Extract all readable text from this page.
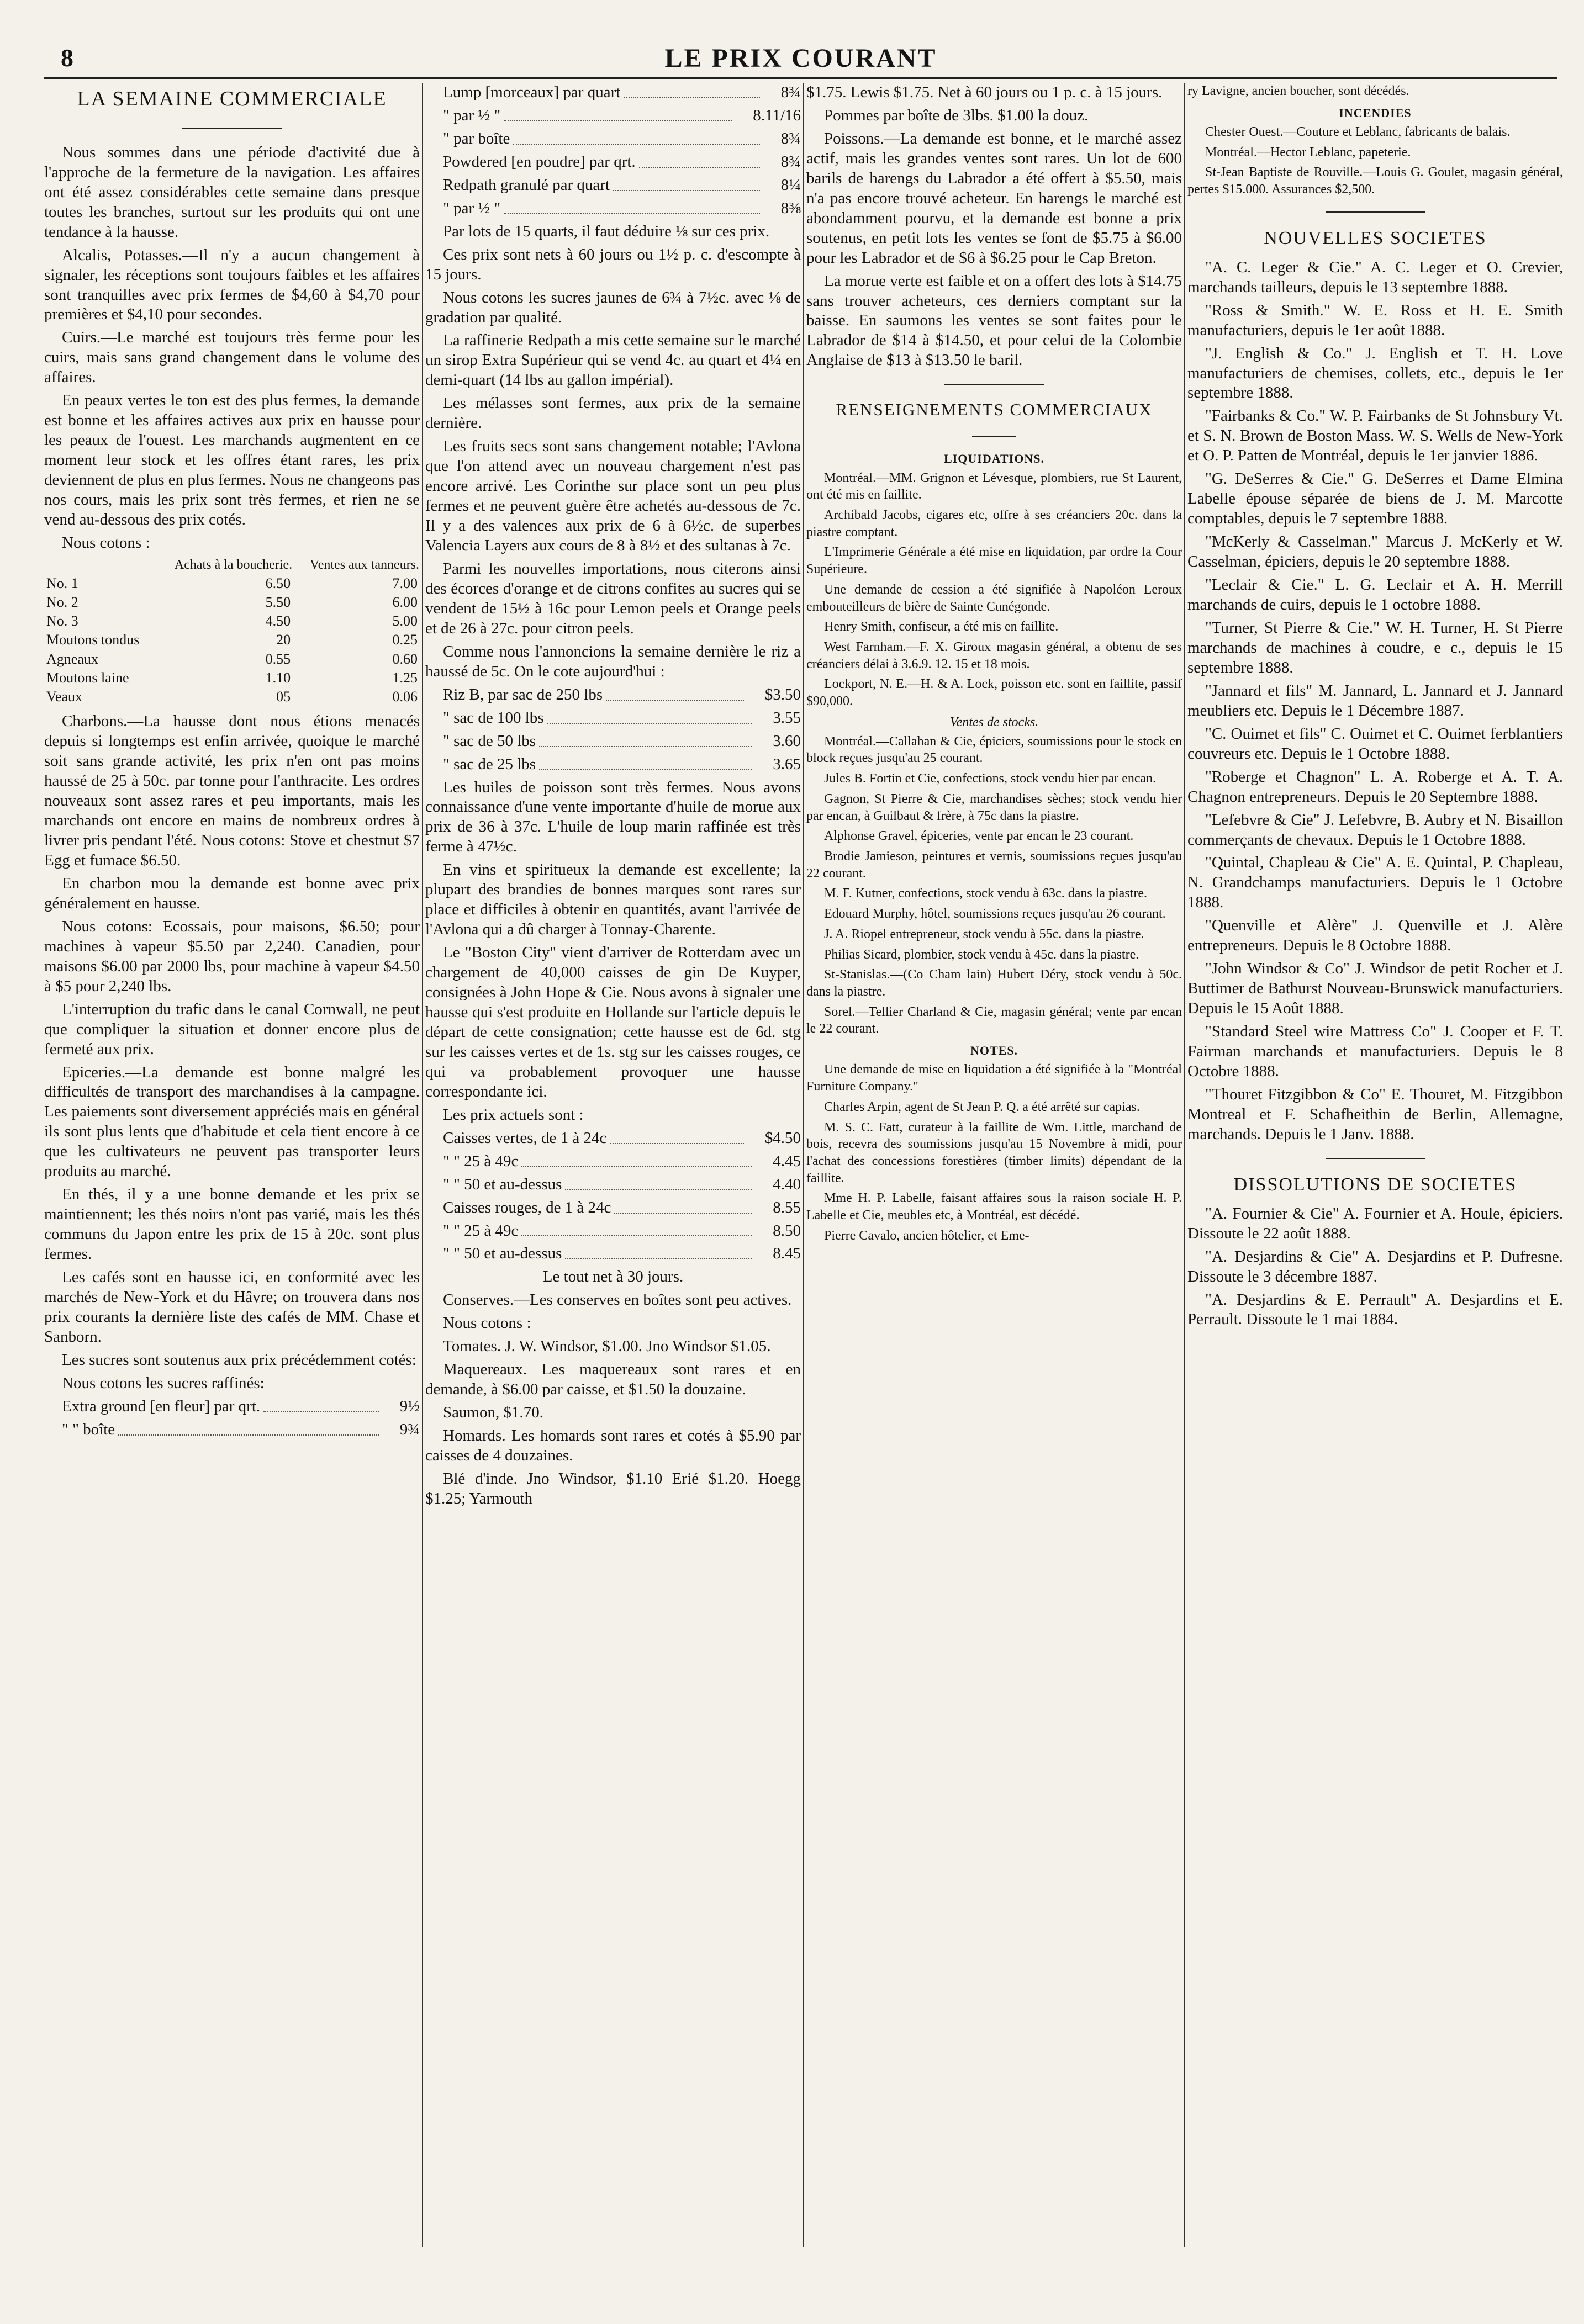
8	LE PRIX COURANT
LA SEMAINE COMMERCIALE

Nous sommes dans une période d'activité due à l'approche de la fermeture de la navigation. Les affaires ont été assez considérables cette semaine dans presque toutes les branches, surtout sur les produits qui ont une tendance à la hausse.

Alcalis, Potasses.—Il n'y a aucun changement à signaler, les réceptions sont toujours faibles et les affaires sont tranquilles avec prix fermes de $4,60 à $4,70 pour premières et $4,10 pour secondes.

Cuirs.—Le marché est toujours très ferme pour les cuirs, mais sans grand changement dans le volume des affaires.

En peaux vertes le ton est des plus fermes, la demande est bonne et les affaires actives aux prix en hausse pour les peaux de l'ouest. Les marchands augmentent en ce moment leur stock et les offres étant rares, les prix deviennent de plus en plus fermes. Nous ne changeons pas nos cours, mais les prix sont très fermes, et rien ne se vend au-dessous des prix cotés.

Nous cotons :

	Achats à la boucherie.	Ventes aux tanneurs.
No. 1	6.50	7.00
No. 2	5.50	6.00
No. 3	4.50	5.00
Moutons tondus	20	0.25
Agneaux	0.55	0.60
Moutons laine	1.10	1.25
Veaux	05	0.06

Charbons.—La hausse dont nous étions menacés depuis si longtemps est enfin arrivée, quoique le marché soit sans grande activité, les prix n'en ont pas moins haussé de 25 à 50c. par tonne pour l'anthracite. Les ordres nouveaux sont assez rares et peu importants, mais les marchands ont encore en mains de nombreux ordres à livrer pris pendant l'été. Nous cotons: Stove et chestnut $7 Egg et fumace $6.50.

En charbon mou la demande est bonne avec prix généralement en hausse.

Nous cotons: Ecossais, pour maisons, $6.50; pour machines à vapeur $5.50 par 2,240. Canadien, pour maisons $6.00 par 2000 lbs, pour machine à vapeur $4.50 à $5 pour 2,240 lbs.

L'interruption du trafic dans le canal Cornwall, ne peut que compliquer la situation et donner encore plus de fermeté aux prix.

Epiceries.—La demande est bonne malgré les difficultés de transport des marchandises à la campagne. Les paiements sont diversement appréciés mais en général ils sont plus lents que d'habitude et cela tient encore à ce que les cultivateurs ne peuvent pas transporter leurs produits au marché.

En thés, il y a une bonne demande et les prix se maintiennent; les thés noirs n'ont pas varié, mais les thés communs du Japon entre les prix de 15 à 20c. sont plus fermes.

Les cafés sont en hausse ici, en conformité avec les marchés de New-York et du Hâvre; on trouvera dans nos prix courants la dernière liste des cafés de MM. Chase et Sanborn.

Les sucres sont soutenus aux prix précédemment cotés:

Nous cotons les sucres raffinés:

Extra ground [en fleur] par qrt.	9½

" " boîte	9¾

Lump [morceaux] par quart	8¾

" par ½ "	8.11/16

" par boîte	8¾

Powdered [en poudre] par qrt.	8¾

Redpath granulé par quart	8¼

" par ½ "	8⅜

Par lots de 15 quarts, il faut déduire ⅛ sur ces prix.

Ces prix sont nets à 60 jours ou 1½ p. c. d'escompte à 15 jours.

Nous cotons les sucres jaunes de 6¾ à 7½c. avec ⅛ de gradation par qualité.

La raffinerie Redpath a mis cette semaine sur le marché un sirop Extra Supérieur qui se vend 4c. au quart et 4¼ en demi-quart (14 lbs au gallon impérial).

Les mélasses sont fermes, aux prix de la semaine dernière.

Les fruits secs sont sans changement notable; l'Avlona que l'on attend avec un nouveau chargement n'est pas encore arrivé. Les Corinthe sur place sont un peu plus fermes et ne peuvent guère être achetés au-dessous de 7c. Il y a des valences aux prix de 6 à 6½c. de superbes Valencia Layers aux cours de 8 à 8½ et des sultanas à 7c.

Parmi les nouvelles importations, nous citerons ainsi des écorces d'orange et de citrons confites au sucres qui se vendent de 15½ à 16c pour Lemon peels et Orange peels et de 26 à 27c. pour citron peels.

Comme nous l'annoncions la semaine dernière le riz a haussé de 5c. On le cote aujourd'hui :

Riz B, par sac de 250 lbs	$3.50

" sac de 100 lbs	3.55

" sac de 50 lbs	3.60

" sac de 25 lbs	3.65

Les huiles de poisson sont très fermes. Nous avons connaissance d'une vente importante d'huile de morue aux prix de 36 à 37c. L'huile de loup marin raffinée est très ferme à 47½c.

En vins et spiritueux la demande est excellente; la plupart des brandies de bonnes marques sont rares sur place et difficiles à obtenir en quantités, avant l'arrivée de l'Avlona qui a dû charger à Tonnay-Charente.

Le "Boston City" vient d'arriver de Rotterdam avec un chargement de 40,000 caisses de gin De Kuyper, consignées à John Hope & Cie. Nous avons à signaler une hausse qui s'est produite en Hollande sur l'article depuis le départ de cette consignation; cette hausse est de 6d. stg sur les caisses vertes et de 1s. stg sur les caisses rouges, ce qui va probablement provoquer une hausse correspondante ici.

Les prix actuels sont :

Caisses vertes, de 1 à 24c	$4.50

" " 25 à 49c	4.45

" " 50 et au-dessus	4.40

Caisses rouges, de 1 à 24c	8.55

" " 25 à 49c	8.50

" " 50 et au-dessus	8.45

Le tout net à 30 jours.

Conserves.—Les conserves en boîtes sont peu actives.

Nous cotons :

Tomates. J. W. Windsor, $1.00. Jno Windsor $1.05.

Maquereaux. Les maquereaux sont rares et en demande, à $6.00 par caisse, et $1.50 la douzaine.

Saumon, $1.70.

Homards. Les homards sont rares et cotés à $5.90 par caisses de 4 douzaines.

Blé d'inde. Jno Windsor, $1.10 Erié $1.20. Hoegg $1.25; Yarmouth

$1.75. Lewis $1.75. Net à 60 jours ou 1 p. c. à 15 jours.

Pommes par boîte de 3lbs. $1.00 la douz.

Poissons.—La demande est bonne, et le marché assez actif, mais les grandes ventes sont rares. Un lot de 600 barils de harengs du Labrador a été offert à $5.50, mais n'a pas encore trouvé acheteur. En harengs le marché est abondamment pourvu, et la demande est bonne a prix soutenus, en petit lots les ventes se font de $5.75 à $6.00 pour les Labrador et de $6 à $6.25 pour le Cap Breton.

La morue verte est faible et on a offert des lots à $14.75 sans trouver acheteurs, ces derniers comptant sur la baisse. En saumons les ventes se sont faites pour le Labrador de $14 à $14.50, et pour celui de la Colombie Anglaise de $13 à $13.50 le baril.

RENSEIGNEMENTS COMMERCIAUX
LIQUIDATIONS.

Montréal.—MM. Grignon et Lévesque, plombiers, rue St Laurent, ont été mis en faillite.

Archibald Jacobs, cigares etc, offre à ses créanciers 20c. dans la piastre comptant.

L'Imprimerie Générale a été mise en liquidation, par ordre la Cour Supérieure.

Une demande de cession a été signifiée à Napoléon Leroux embouteilleurs de bière de Sainte Cunégonde.

Henry Smith, confiseur, a été mis en faillite.

West Farnham.—F. X. Giroux magasin général, a obtenu de ses créanciers délai à 3.6.9. 12. 15 et 18 mois.

Lockport, N. E.—H. & A. Lock, poisson etc. sont en faillite, passif $90,000.

Ventes de stocks.

Montréal.—Callahan & Cie, épiciers, soumissions pour le stock en block reçues jusqu'au 25 courant.

Jules B. Fortin et Cie, confections, stock vendu hier par encan.

Gagnon, St Pierre & Cie, marchandises sèches; stock vendu hier par encan, à Guilbaut & frère, à 75c dans la piastre.

Alphonse Gravel, épiceries, vente par encan le 23 courant.

Brodie Jamieson, peintures et vernis, soumissions reçues jusqu'au 22 courant.

M. F. Kutner, confections, stock vendu à 63c. dans la piastre.

Edouard Murphy, hôtel, soumissions reçues jusqu'au 26 courant.

J. A. Riopel entrepreneur, stock vendu à 55c. dans la piastre.

Philias Sicard, plombier, stock vendu à 45c. dans la piastre.

St-Stanislas.—(Co Cham lain) Hubert Déry, stock vendu à 50c. dans la piastre.

Sorel.—Tellier Charland & Cie, magasin général; vente par encan le 22 courant.

NOTES.

Une demande de mise en liquidation a été signifiée à la "Montréal Furniture Company."

Charles Arpin, agent de St Jean P. Q. a été arrêté sur capias.

M. S. C. Fatt, curateur à la faillite de Wm. Little, marchand de bois, recevra des soumissions jusqu'au 15 Novembre à midi, pour l'achat des concessions forestières (timber limits) dépendant de la faillite.

Mme H. P. Labelle, faisant affaires sous la raison sociale H. P. Labelle et Cie, meubles etc, à Montréal, est décédé.

Pierre Cavalo, ancien hôtelier, et Eme-

ry Lavigne, ancien boucher, sont décédés.

INCENDIES

Chester Ouest.—Couture et Leblanc, fabricants de balais.

Montréal.—Hector Leblanc, papeterie.

St-Jean Baptiste de Rouville.—Louis G. Goulet, magasin général, pertes $15.000. Assurances $2,500.

NOUVELLES SOCIETES

"A. C. Leger & Cie." A. C. Leger et O. Crevier, marchands tailleurs, depuis le 13 septembre 1888.

"Ross & Smith." W. E. Ross et H. E. Smith manufacturiers, depuis le 1er août 1888.

"J. English & Co." J. English et T. H. Love manufacturiers de chemises, collets, etc., depuis le 1er septembre 1888.

"Fairbanks & Co." W. P. Fairbanks de St Johnsbury Vt. et S. N. Brown de Boston Mass. W. S. Wells de New-York et O. P. Patten de Montréal, depuis le 1er janvier 1886.

"G. DeSerres & Cie." G. DeSerres et Dame Elmina Labelle épouse séparée de biens de J. M. Marcotte comptables, depuis le 7 septembre 1888.

"McKerly & Casselman." Marcus J. McKerly et W. Casselman, épiciers, depuis le 20 septembre 1888.

"Leclair & Cie." L. G. Leclair et A. H. Merrill marchands de cuirs, depuis le 1 octobre 1888.

"Turner, St Pierre & Cie." W. H. Turner, H. St Pierre marchands de machines à coudre, e c., depuis le 15 septembre 1888.

"Jannard et fils" M. Jannard, L. Jannard et J. Jannard meubliers etc. Depuis le 1 Décembre 1887.

"C. Ouimet et fils" C. Ouimet et C. Ouimet ferblantiers couvreurs etc. Depuis le 1 Octobre 1888.

"Roberge et Chagnon" L. A. Roberge et A. T. A. Chagnon entrepreneurs. Depuis le 20 Septembre 1888.

"Lefebvre & Cie" J. Lefebvre, B. Aubry et N. Bisaillon commerçants de chevaux. Depuis le 1 Octobre 1888.

"Quintal, Chapleau & Cie" A. E. Quintal, P. Chapleau, N. Grandchamps manufacturiers. Depuis le 1 Octobre 1888.

"Quenville et Alère" J. Quenville et J. Alère entrepreneurs. Depuis le 8 Octobre 1888.

"John Windsor & Co" J. Windsor de petit Rocher et J. Buttimer de Bathurst Nouveau-Brunswick manufacturiers. Depuis le 15 Août 1888.

"Standard Steel wire Mattress Co" J. Cooper et F. T. Fairman marchands et manufacturiers. Depuis le 8 Octobre 1888.

"Thouret Fitzgibbon & Co" E. Thouret, M. Fitzgibbon Montreal et F. Schafheithin de Berlin, Allemagne, marchands. Depuis le 1 Janv. 1888.

DISSOLUTIONS DE SOCIETES

"A. Fournier & Cie" A. Fournier et A. Houle, épiciers. Dissoute le 22 août 1888.

"A. Desjardins & Cie" A. Desjardins et P. Dufresne. Dissoute le 3 décembre 1887.

"A. Desjardins & E. Perrault" A. Desjardins et E. Perrault. Dissoute le 1 mai 1884.
